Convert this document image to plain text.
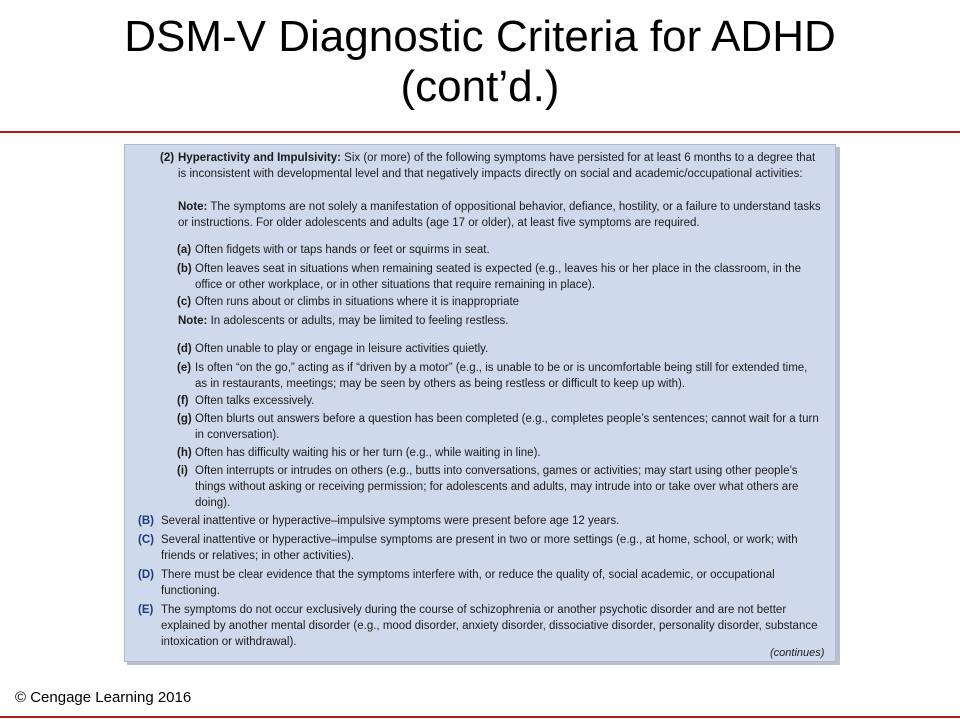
DSM-V Diagnostic Criteria for ADHD
(cont’d.)
(2) Hyperactivity and Impulsivity: Six (or more) of the following symptoms have persisted for at least 6 months to a degree that is inconsistent with developmental level and that negatively impacts directly on social and academic/occupational activities:
Note: The symptoms are not solely a manifestation of oppositional behavior, defiance, hostility, or a failure to understand tasks or instructions. For older adolescents and adults (age 17 or older), at least five symptoms are required.
(a) Often fidgets with or taps hands or feet or squirms in seat.
(b) Often leaves seat in situations when remaining seated is expected (e.g., leaves his or her place in the classroom, in the office or other workplace, or in other situations that require remaining in place).
(c) Often runs about or climbs in situations where it is inappropriate
Note: In adolescents or adults, may be limited to feeling restless.
(d) Often unable to play or engage in leisure activities quietly.
(e) Is often “on the go,” acting as if “driven by a motor” (e.g., is unable to be or is uncomfortable being still for extended time, as in restaurants, meetings; may be seen by others as being restless or difficult to keep up with).
(f) Often talks excessively.
(g) Often blurts out answers before a question has been completed (e.g., completes people’s sentences; cannot wait for a turn in conversation).
(h) Often has difficulty waiting his or her turn (e.g., while waiting in line).
(i) Often interrupts or intrudes on others (e.g., butts into conversations, games or activities; may start using other people’s things without asking or receiving permission; for adolescents and adults, may intrude into or take over what others are doing).
(B) Several inattentive or hyperactive–impulsive symptoms were present before age 12 years.
(C) Several inattentive or hyperactive–impulse symptoms are present in two or more settings (e.g., at home, school, or work; with friends or relatives; in other activities).
(D) There must be clear evidence that the symptoms interfere with, or reduce the quality of, social academic, or occupational functioning.
(E) The symptoms do not occur exclusively during the course of schizophrenia or another psychotic disorder and are not better explained by another mental disorder (e.g., mood disorder, anxiety disorder, dissociative disorder, personality disorder, substance intoxication or withdrawal).
(continues)
© Cengage Learning 2016
